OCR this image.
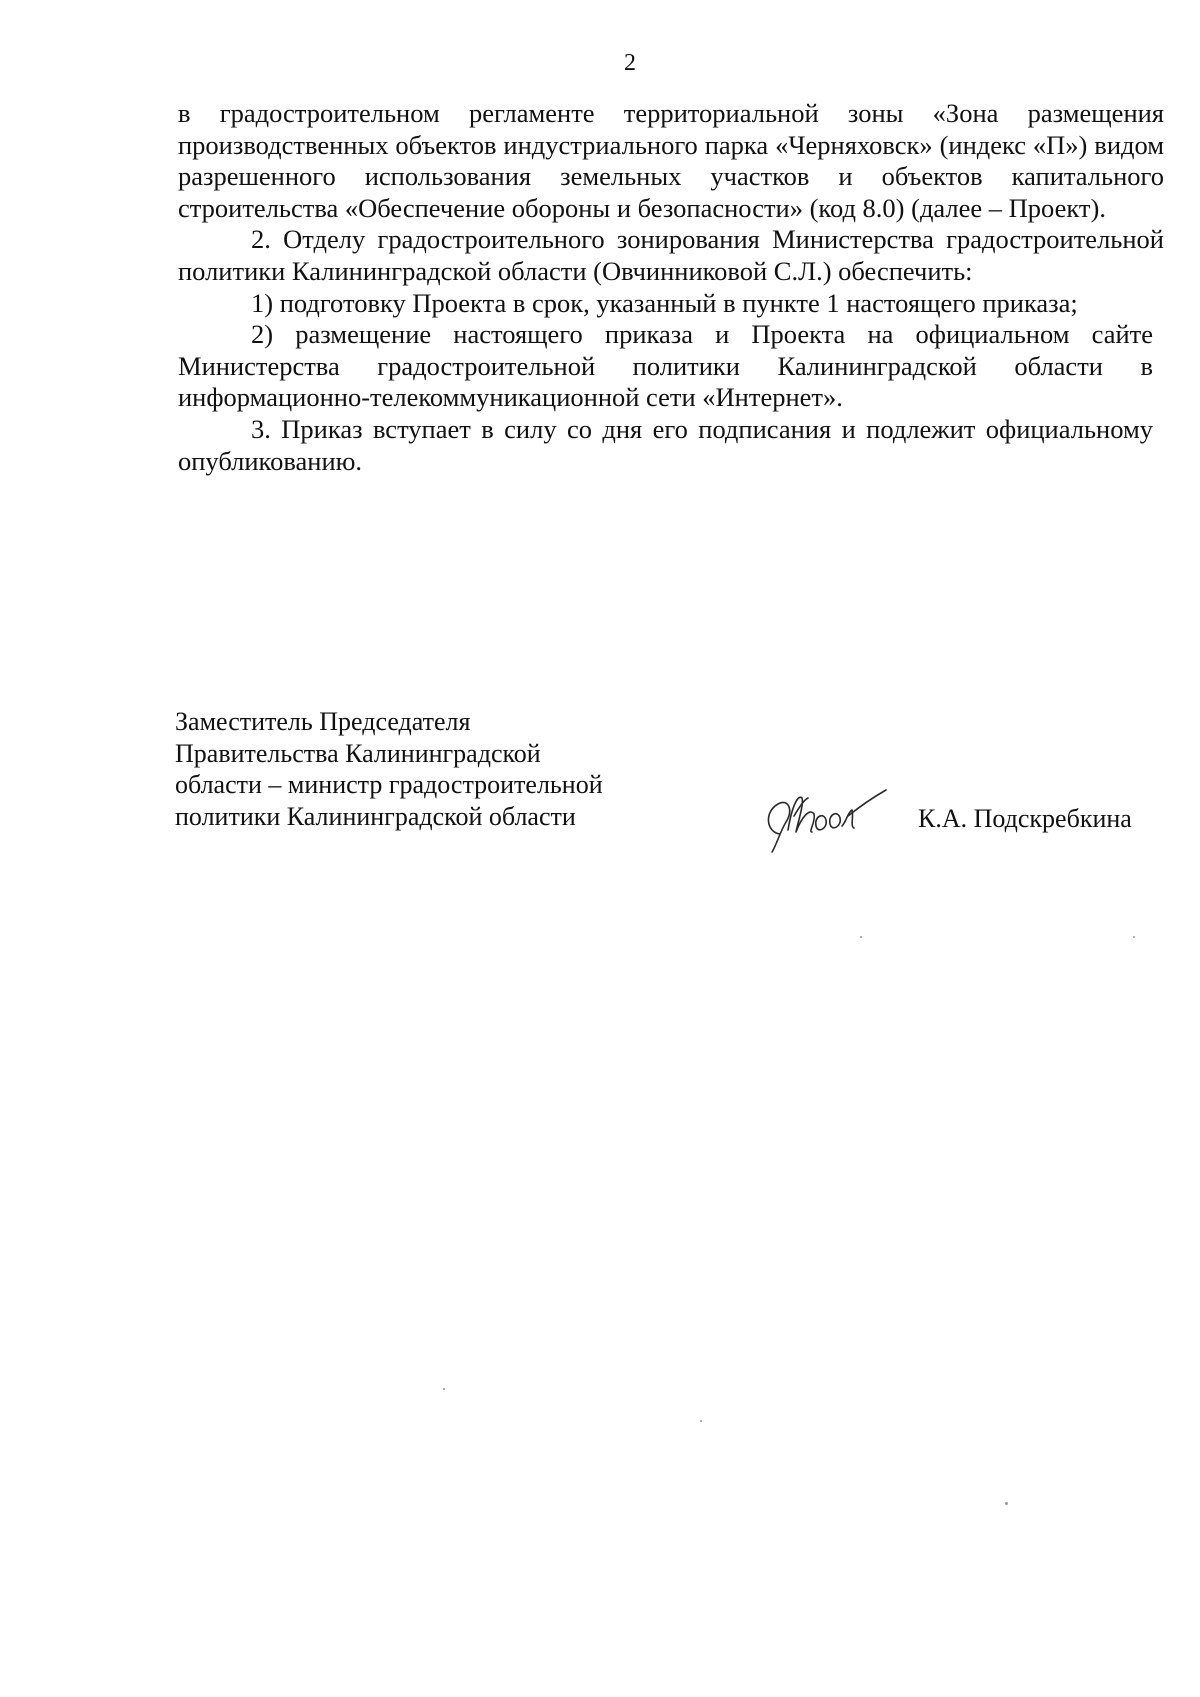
2

в градостроительном регламенте территориальной зоны «Зона размещения производственных объектов индустриального парка «Черняховск» (индекс «П») видом разрешенного использования земельных участков и объектов капитального строительства «Обеспечение обороны и безопасности» (код 8.0) (далее – Проект).

2. Отделу градостроительного зонирования Министерства градостроительной политики Калининградской области (Овчинниковой С.Л.) обеспечить:

1) подготовку Проекта в срок, указанный в пункте 1 настоящего приказа;

2) размещение настоящего приказа и Проекта на официальном сайте Министерства градостроительной политики Калининградской области в информационно-телекоммуникационной сети «Интернет».

3. Приказ вступает в силу со дня его подписания и подлежит официальному опубликованию.

Заместитель Председателя
Правительства Калининградской
области – министр градостроительной
политики Калининградской области	К.А. Подскребкина
